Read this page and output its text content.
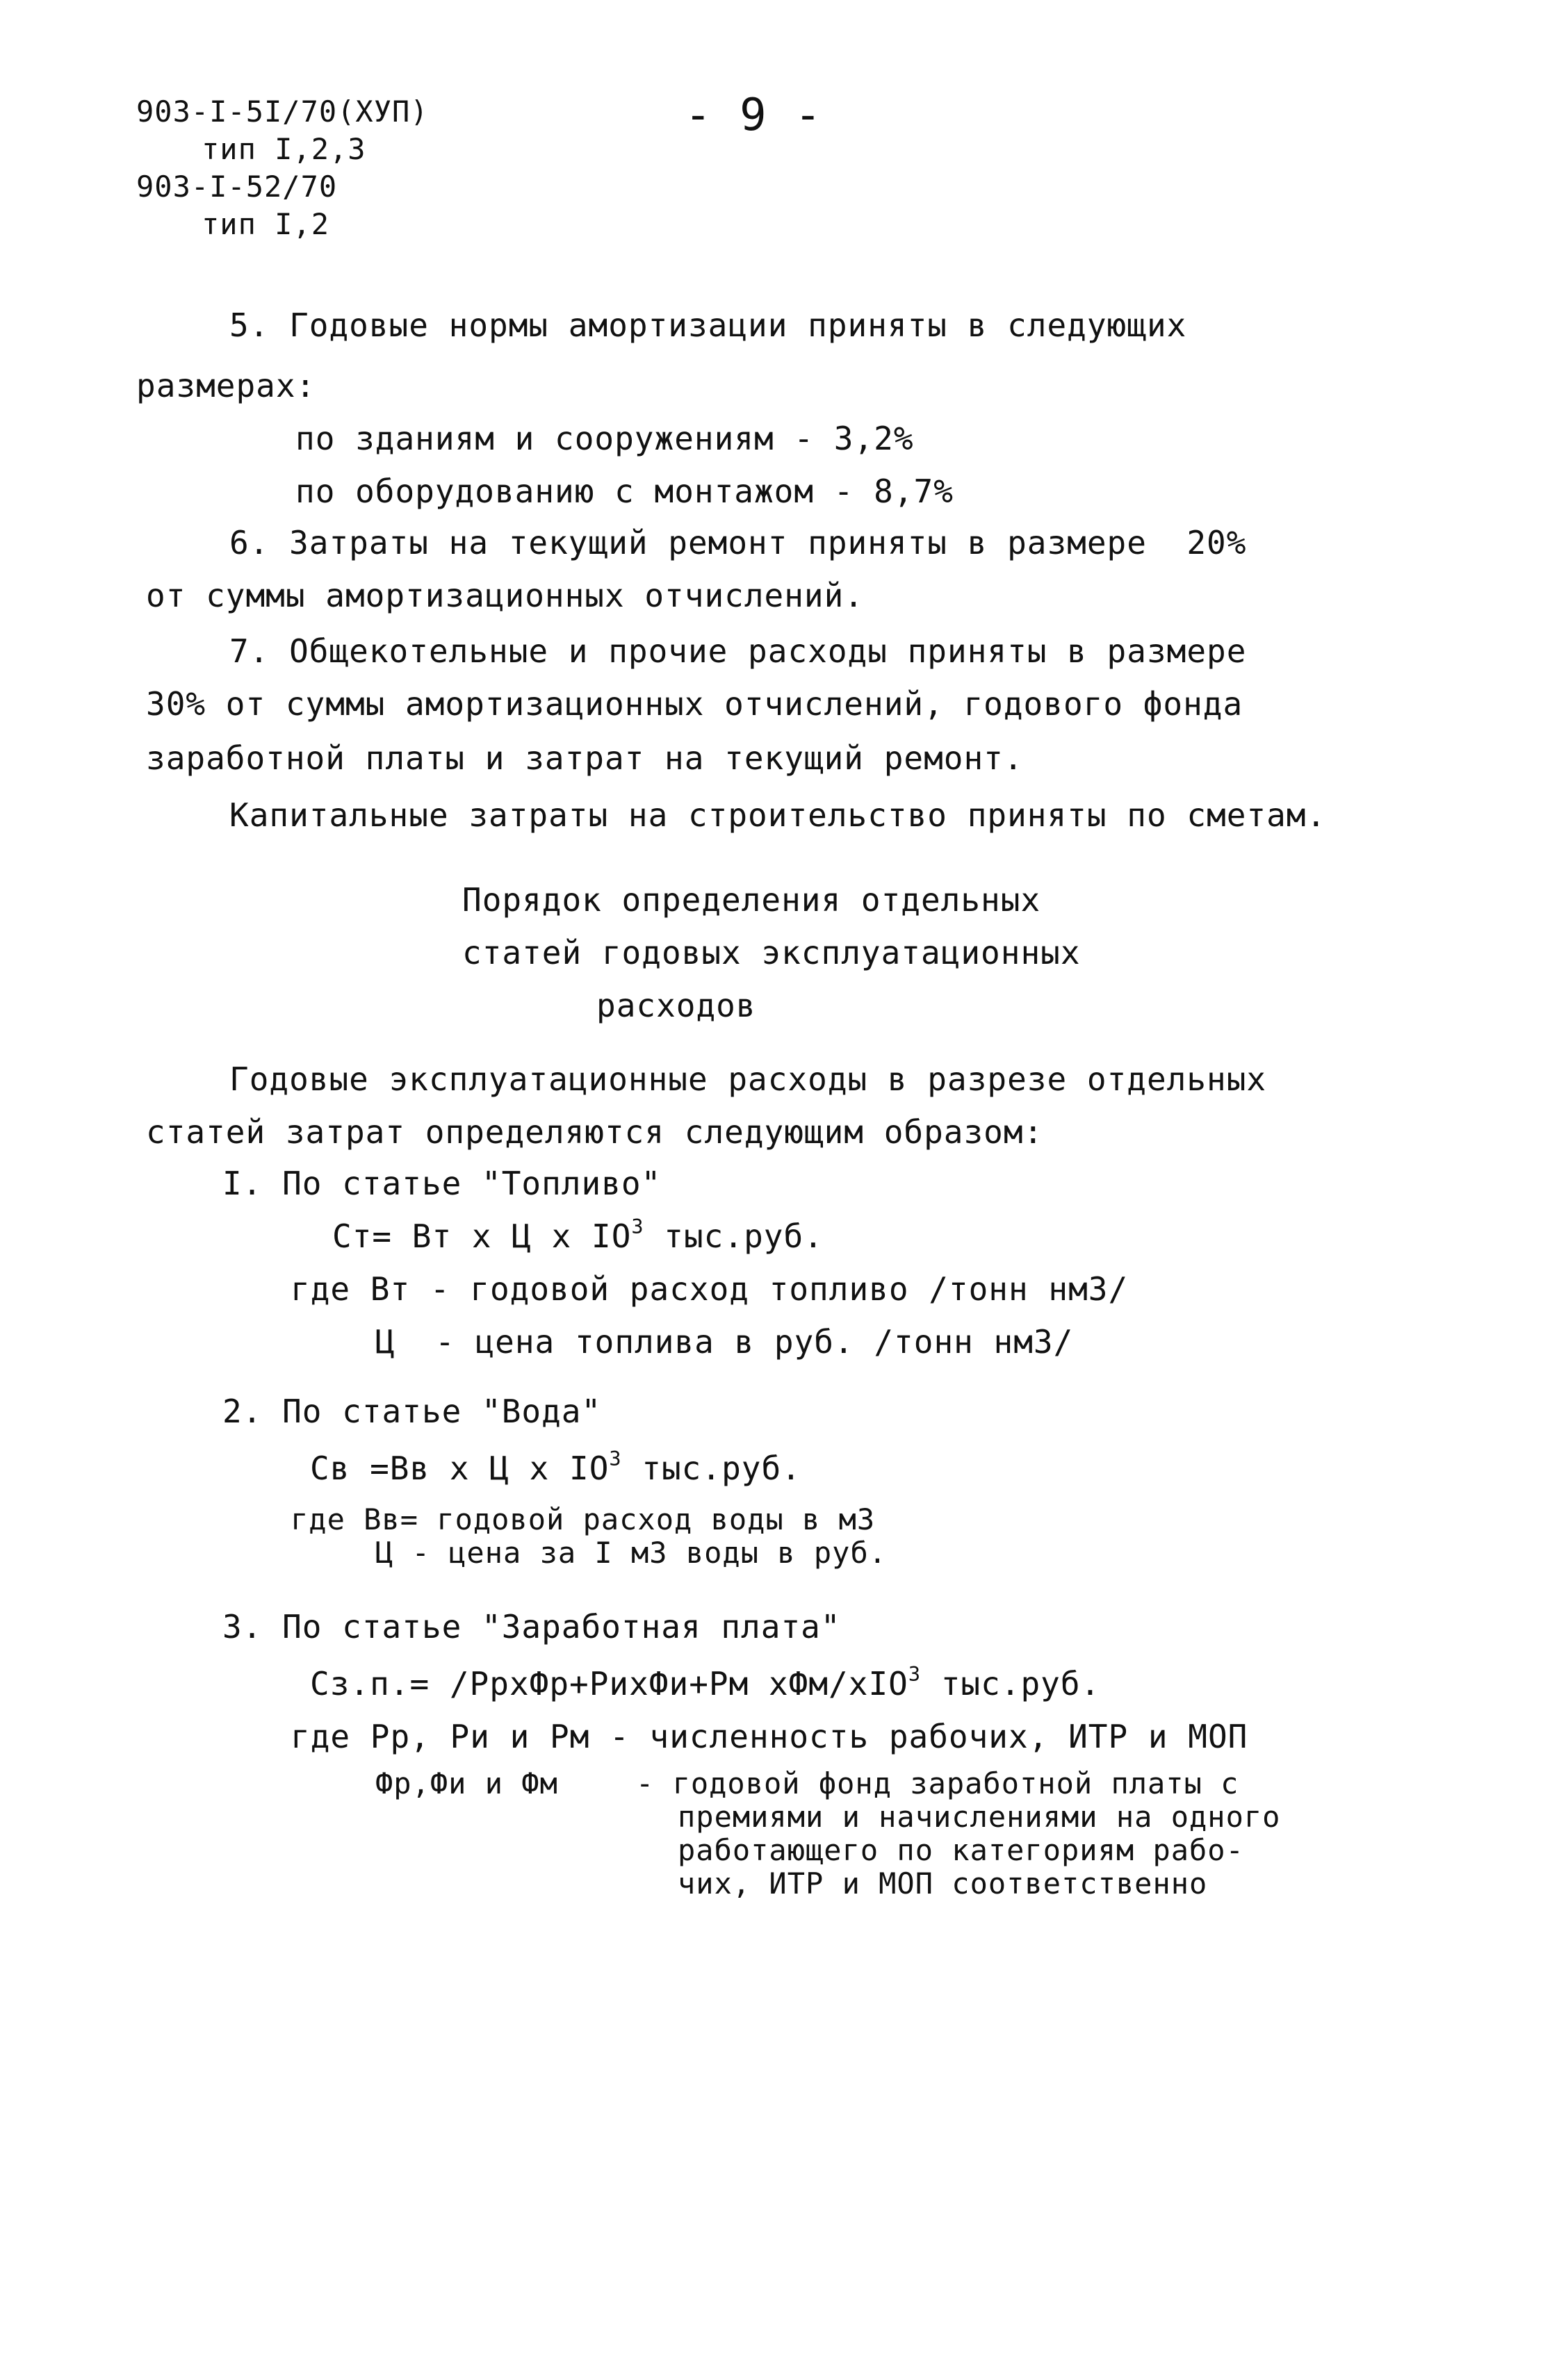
903-I-5I/70(XУП)
тип I,2,3
903-I-52/70
тип I,2
- 9 -
5. Годовые нормы амортизации приняты в следующих
размерах:
по зданиям и сооружениям - 3,2%
по оборудованию с монтажом - 8,7%
6. Затраты на текущий ремонт приняты в размере  20%
от суммы амортизационных отчислений.
7. Общекотельные и прочие расходы приняты в размере
30% от суммы амортизационных отчислений, годового фонда
заработной платы и затрат на текущий ремонт.
Капитальные затраты на строительство приняты по сметам.
Порядок определения отдельных
статей годовых эксплуатационных
расходов
Годовые эксплуатационные расходы в разрезе отдельных
статей затрат определяются следующим образом:
I. По статье "Топливо"
Ст= Вт х Ц х $IO^3$ тыс.руб.
где Вт - годовой расход топливо /тонн нм3/
Ц  - цена топлива в руб. /тонн нм3/
2. По статье "Вода"
Св =Вв х Ц х $IO^3$ тыс.руб.
где Вв= годовой расход воды в м3
Ц - цена за I м3 воды в руб.
3. По статье "Заработная плата"
Сз.п.= /РрхФр+РихФи+Рм хФм/хIO$^3$ тыс.руб.
где Рр, Ри и Рм - численность рабочих, ИТР и МОП
Фр,Фи и Фм	- годовой фонд заработной платы с
премиями и начислениями на одного
работающего по категориям рабо-
чих, ИТР и МОП соответственно
